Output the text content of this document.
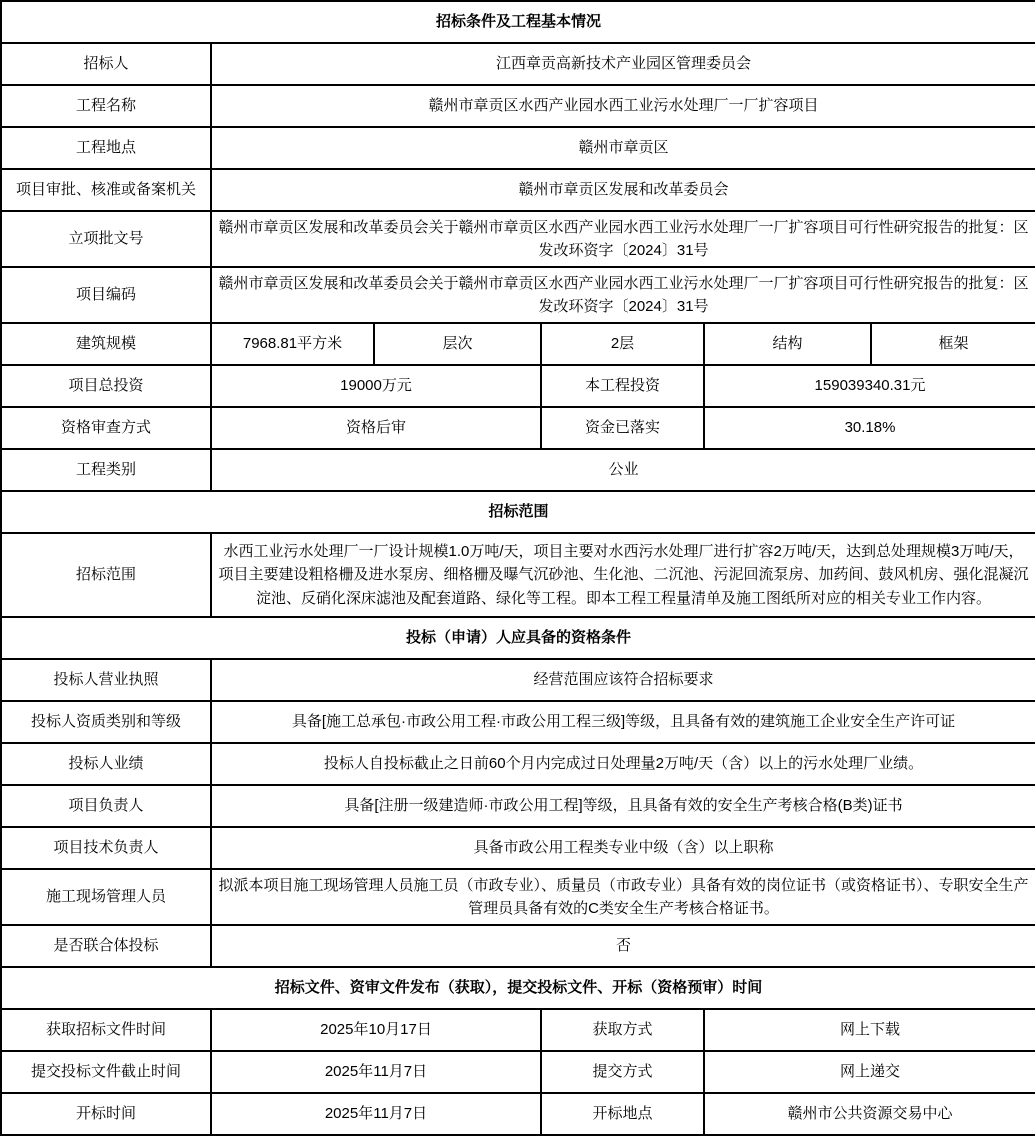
招标条件及工程基本情况					
招标人	江西章贡高新技术产业园区管理委员会				
工程名称	赣州市章贡区水西产业园水西工业污水处理厂一厂扩容项目				
工程地点	赣州市章贡区				
项目审批、核准或备案机关	赣州市章贡区发展和改革委员会				
立项批文号	赣州市章贡区发展和改革委员会关于赣州市章贡区水西产业园水西工业污水处理厂一厂扩容项目可行性研究报告的批复：区发改环资字〔2024〕31号				
项目编码	赣州市章贡区发展和改革委员会关于赣州市章贡区水西产业园水西工业污水处理厂一厂扩容项目可行性研究报告的批复：区发改环资字〔2024〕31号				
建筑规模	7968.81平方米	层次	2层	结构	框架
项目总投资	19000万元		本工程投资	159039340.31元	
资格审查方式	资格后审		资金已落实	30.18%	
工程类别	公业				
招标范围					
招标范围	水西工业污水处理厂一厂设计规模1.0万吨/天，项目主要对水西污水处理厂进行扩容2万吨/天，达到总处理规模3万吨/天，项目主要建设粗格栅及进水泵房、细格栅及曝气沉砂池、生化池、二沉池、污泥回流泵房、加药间、鼓风机房、强化混凝沉淀池、反硝化深床滤池及配套道路、绿化等工程。即本工程工程量清单及施工图纸所对应的相关专业工作内容。				
投标（申请）人应具备的资格条件					
投标人营业执照	经营范围应该符合招标要求				
投标人资质类别和等级	具备[施工总承包·市政公用工程·市政公用工程三级]等级，且具备有效的建筑施工企业安全生产许可证				
投标人业绩	投标人自投标截止之日前60个月内完成过日处理量2万吨/天（含）以上的污水处理厂业绩。				
项目负责人	具备[注册一级建造师·市政公用工程]等级，且具备有效的安全生产考核合格(B类)证书				
项目技术负责人	具备市政公用工程类专业中级（含）以上职称				
施工现场管理人员	拟派本项目施工现场管理人员施工员（市政专业）、质量员（市政专业）具备有效的岗位证书（或资格证书）、专职安全生产管理员具备有效的C类安全生产考核合格证书。				
是否联合体投标	否				
招标文件、资审文件发布（获取），提交投标文件、开标（资格预审）时间					
获取招标文件时间	2025年10月17日		获取方式	网上下载	
提交投标文件截止时间	2025年11月7日		提交方式	网上递交	
开标时间	2025年11月7日		开标地点	赣州市公共资源交易中心	
